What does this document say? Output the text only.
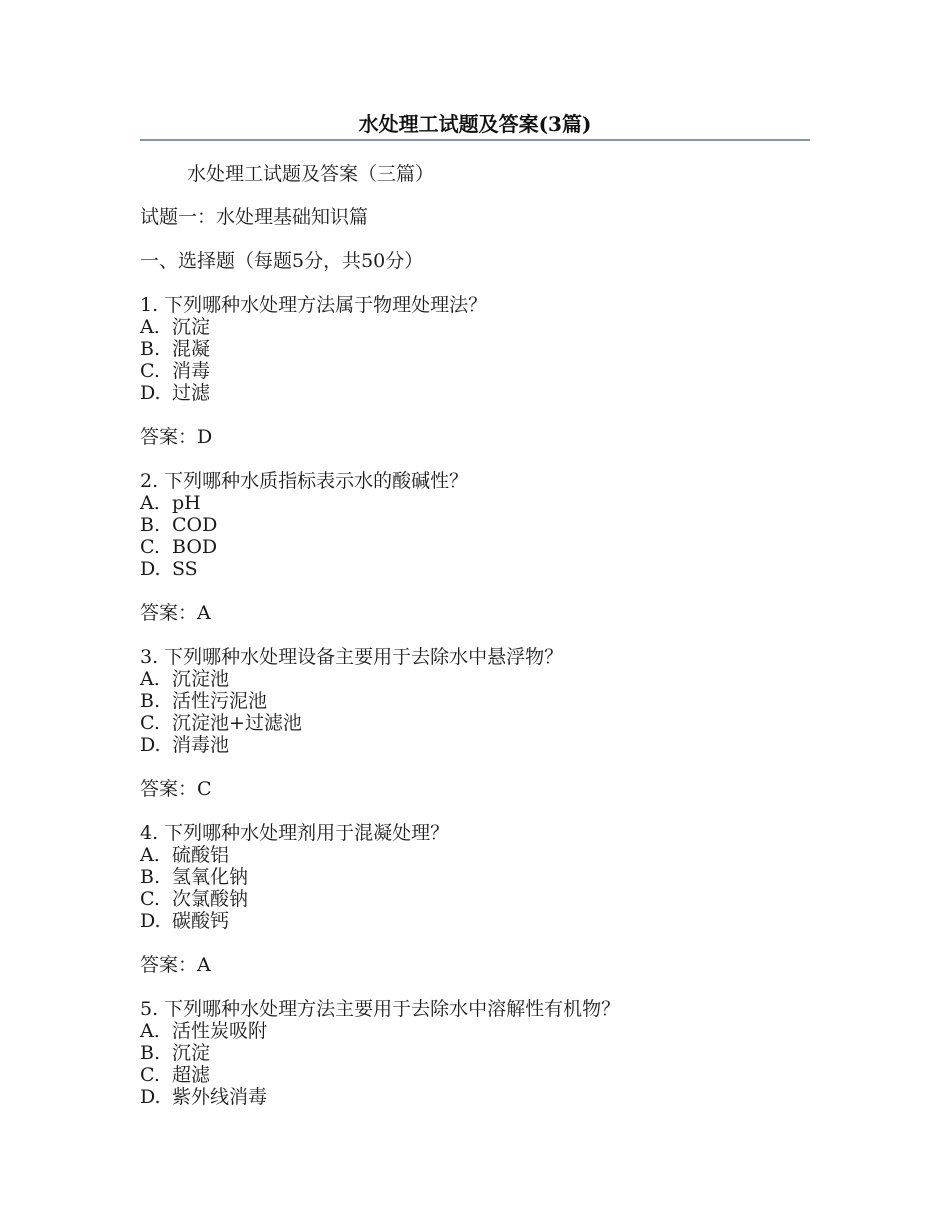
水处理工试题及答案(3篇)

水处理工试题及答案（三篇）

试题一：水处理基础知识篇

一、选择题（每题5分，共50分）

1. 下列哪种水处理方法属于物理处理法？

A. 沉淀

B. 混凝

C. 消毒

D. 过滤

答案：D

2. 下列哪种水质指标表示水的酸碱性？

A. pH

B. COD

C. BOD

D. SS

答案：A

3. 下列哪种水处理设备主要用于去除水中悬浮物？

A. 沉淀池

B. 活性污泥池

C. 沉淀池+过滤池

D. 消毒池

答案：C

4. 下列哪种水处理剂用于混凝处理？

A. 硫酸铝

B. 氢氧化钠

C. 次氯酸钠

D. 碳酸钙

答案：A

5. 下列哪种水处理方法主要用于去除水中溶解性有机物？

A. 活性炭吸附

B. 沉淀

C. 超滤

D. 紫外线消毒
